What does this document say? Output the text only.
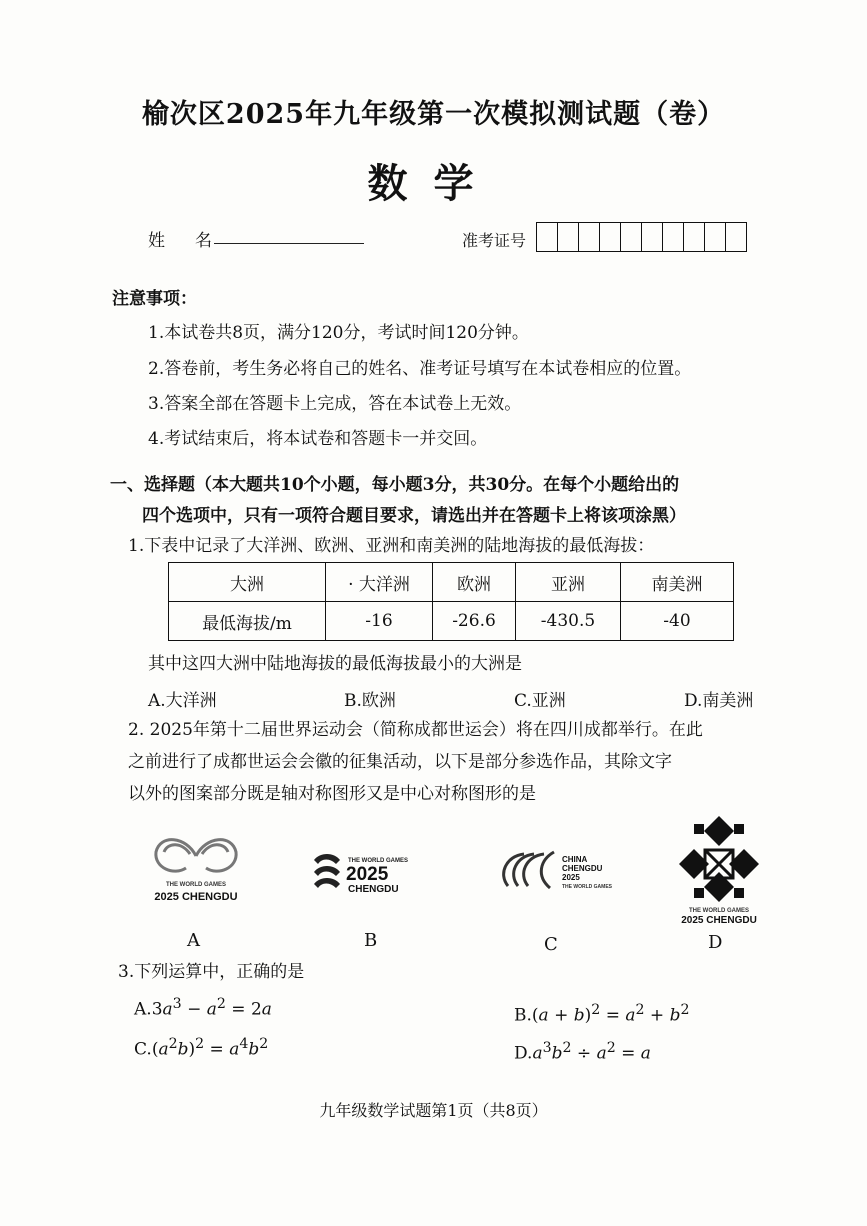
榆次区2025年九年级第一次模拟测试题（卷）
数学
姓 名	准考证号
注意事项：
1.本试卷共8页，满分120分，考试时间120分钟。
2.答卷前，考生务必将自己的姓名、准考证号填写在本试卷相应的位置。
3.答案全部在答题卡上完成，答在本试卷上无效。
4.考试结束后，将本试卷和答题卡一并交回。
一、选择题（本大题共10个小题，每小题3分，共30分。在每个小题给出的
四个选项中，只有一项符合题目要求，请选出并在答题卡上将该项涂黑）
1.下表中记录了大洋洲、欧洲、亚洲和南美洲的陆地海拔的最低海拔：
大洲	· 大洋洲	欧洲	亚洲	南美洲
最低海拔/m	-16	-26.6	-430.5	-40
其中这四大洲中陆地海拔的最低海拔最小的大洲是
A.大洋洲	B.欧洲	C.亚洲	D.南美洲
2. 2025年第十二届世界运动会（简称成都世运会）将在四川成都举行。在此
之前进行了成都世运会会徽的征集活动，以下是部分参选作品，其除文字
以外的图案部分既是轴对称图形又是中心对称图形的是
THE WORLD GAMES
2025 CHENGDU
THE WORLD GAMES
2025
CHENGDU
CHINA
CHENGDU
2025
THE WORLD GAMES
THE WORLD GAMES
2025 CHENGDU
A	B	C	D
3.下列运算中，正确的是
$A.3a^3 - a^2 = 2a$	$B.(a + b)^2 = a^2 + b^2$
$C.(a^2b)^2 = a^4b^2$	$D.a^3b^2 \div a^2 = a$
九年级数学试题第1页（共8页）
